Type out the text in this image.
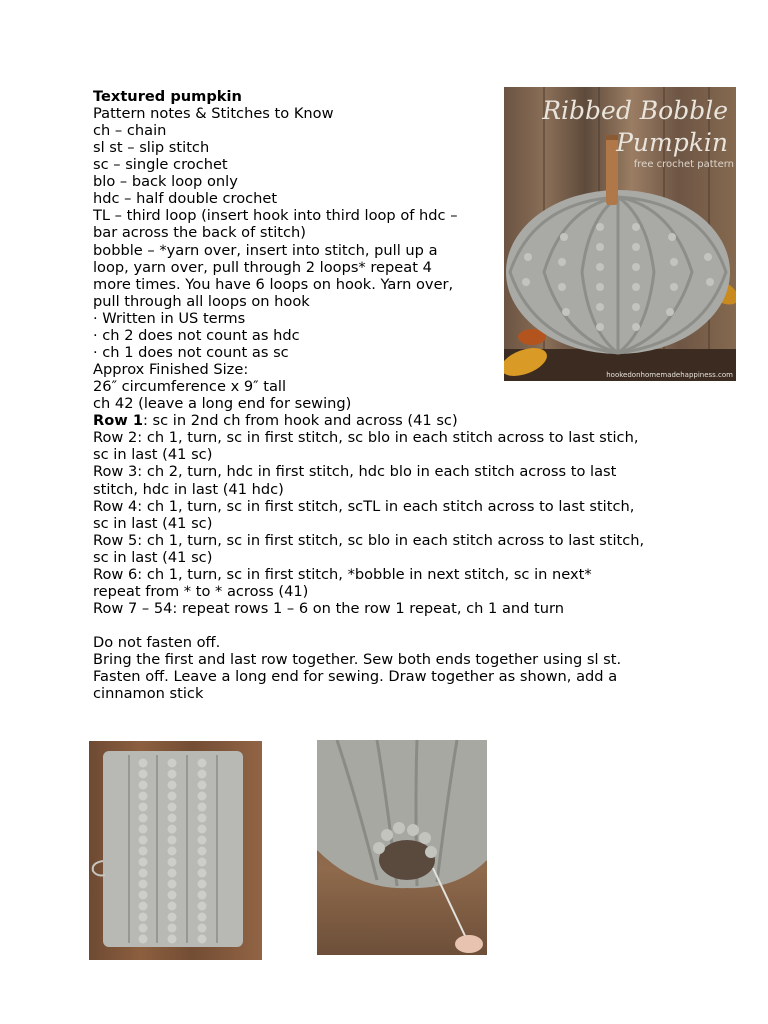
Textured pumpkin
Pattern notes & Stitches to Know
ch – chain
sl st – slip stitch
sc – single crochet
blo – back loop only
hdc – half double crochet
TL – third loop (insert hook into third loop of hdc –
bar across the back of stitch)
bobble – *yarn over, insert into stitch, pull up a
loop, yarn over, pull through 2 loops* repeat 4
more times. You have 6 loops on hook. Yarn over,
pull through all loops on hook
· Written in US terms
· ch 2 does not count as hdc
· ch 1 does not count as sc
Approx Finished Size:
26″ circumference x 9″ tall
ch 42 (leave a long end for sewing)
Row 1: sc in 2nd ch from hook and across (41 sc)
Row 2: ch 1, turn, sc in first stitch, sc blo in each stitch across to last stich,
sc in last (41 sc)
Row 3: ch 2, turn, hdc in first stitch, hdc blo in each stitch across to last
stitch, hdc in last (41 hdc)
Row 4: ch 1, turn, sc in first stitch, scTL in each stitch across to last stitch,
sc in last (41 sc)
Row 5: ch 1, turn, sc in first stitch, sc blo in each stitch across to last stitch,
sc in last (41 sc)
Row 6: ch 1, turn, sc in first stitch, *bobble in next stitch, sc in next*
repeat from * to * across (41)
Row 7 – 54: repeat rows 1 – 6 on the row 1 repeat, ch 1 and turn
Do not fasten off.
Bring the first and last row together. Sew both ends together using sl st.
Fasten off. Leave a long end for sewing. Draw together as shown, add a
cinnamon stick
Ribbed Bobble
Pumpkin
free crochet pattern
hookedonhomemadehappiness.com
